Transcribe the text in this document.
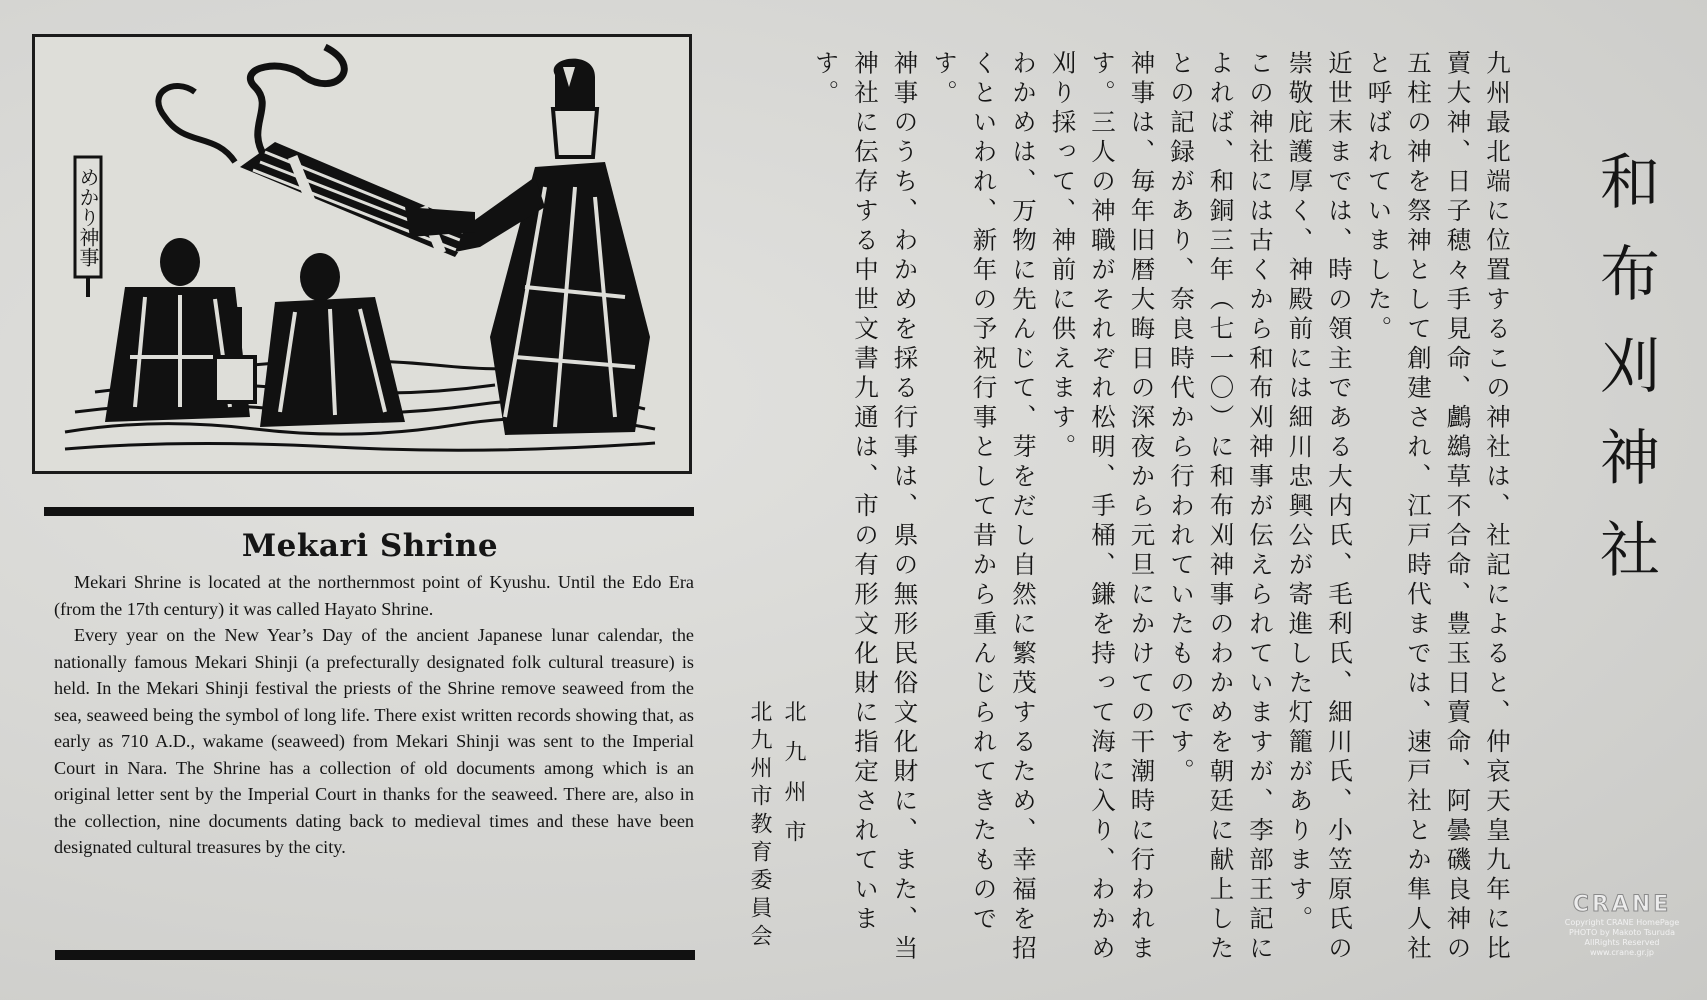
めかり神事
Mekari Shrine

Mekari Shrine is located at the northernmost point of Kyushu. Until the Edo Era (from the 17th century) it was called Hayato Shrine.

Every year on the New Year’s Day of the ancient Japanese lunar calendar, the nationally famous Mekari Shinji (a prefecturally designated folk cultural treasure) is held. In the Mekari Shinji festival the priests of the Shrine remove seaweed from the sea, seaweed being the symbol of long life. There exist written records showing that, as early as 710 A.D., wakame (seaweed) from Mekari Shinji was sent to the Imperial Court in Nara. The Shrine has a collection of old documents among which is an original letter sent by the Imperial Court in thanks for the seaweed. There are, also in the collection, nine documents dating back to medieval times and these have been designated cultural treasures by the city.

和布刈神社

九州最北端に位置するこの神社は、社記によると、仲哀天皇九年に比賣大神、日子穂々手見命、鸕鷀草不合命、豊玉日賣命、阿曇磯良神の五柱の神を祭神として創建され、江戸時代までは、速戸社とか隼人社と呼ばれていました。

近世末までは、時の領主である大内氏、毛利氏、細川氏、小笠原氏の崇敬庇護厚く、神殿前には細川忠興公が寄進した灯籠があります。

この神社には古くから和布刈神事が伝えられていますが、李部王記によれば、和銅三年（七一〇）に和布刈神事のわかめを朝廷に献上したとの記録があり、奈良時代から行われていたものです。

神事は、毎年旧暦大晦日の深夜から元旦にかけての干潮時に行われます。三人の神職がそれぞれ松明、手桶、鎌を持って海に入り、わかめ刈り採って、神前に供えます。

わかめは、万物に先んじて、芽をだし自然に繁茂するため、幸福を招くといわれ、新年の予祝行事として昔から重んじられてきたものです。

神事のうち、わかめを採る行事は、県の無形民俗文化財に、また、当神社に伝存する中世文書九通は、市の有形文化財に指定されています。

北九州市
北九州市教育委員会	CRANE
Copyright CRANE HomePage
PHOTO by Makoto Tsuruda
AllRights Reserved
www.crane.gr.jp
